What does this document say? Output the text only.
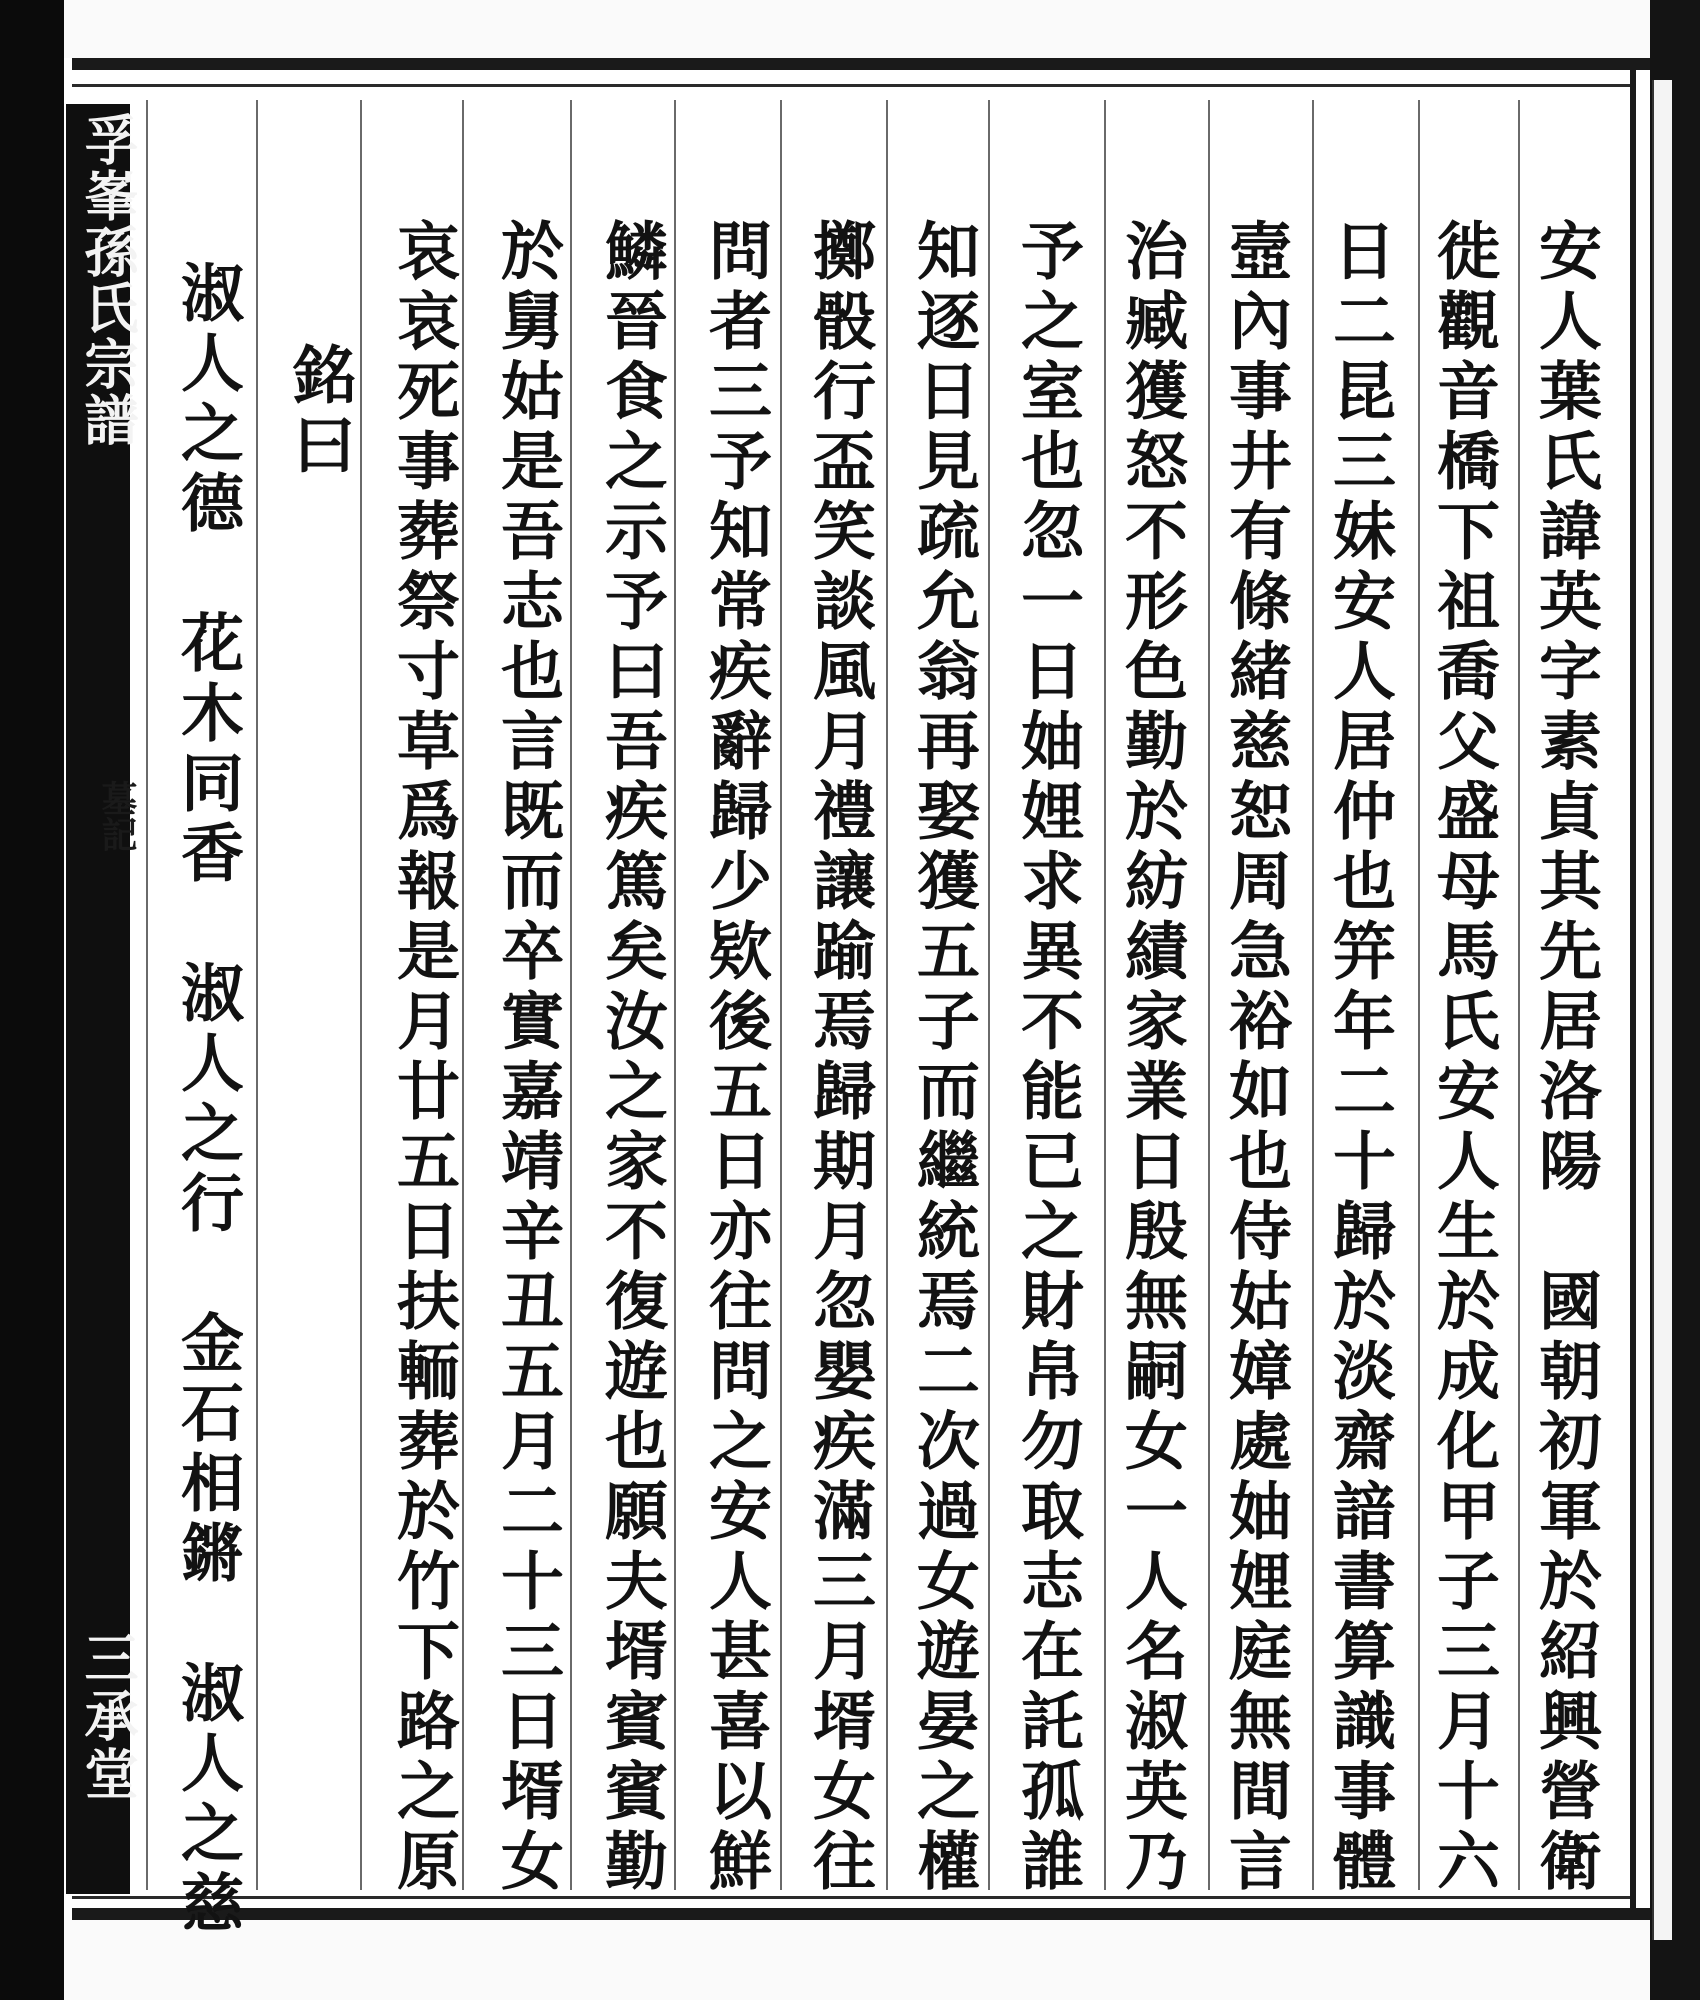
孚峯孫氏宗譜
墓記
三承堂	安人葉氏諱英字素貞其先居洛陽　國朝初軍於紹興營衛
徙觀音橋下祖喬父盛母馬氏安人生於成化甲子三月十六
日二昆三妹安人居仲也笄年二十歸於淡齋諳書算識事體
壼內事井有條緒慈恕周急裕如也侍姑嫜處妯娌庭無間言
治臧獲怒不形色勤於紡績家業日殷無嗣女一人名淑英乃
予之室也忽一日妯娌求異不能已之財帛勿取志在託孤誰
知逐日見疏允翁再娶獲五子而繼統焉二次過女遊晏之權
擲骰行盃笑談風月禮讓踰焉歸期月忽嬰疾滿三月壻女往
問者三予知常疾辭歸少欵後五日亦往問之安人甚喜以鮮
鱗晉食之示予曰吾疾篤矣汝之家不復遊也願夫壻賓賓勤
於舅姑是吾志也言既而卒實嘉靖辛丑五月二十三日壻女
哀哀死事葬祭寸草爲報是月廿五日扶輀葬於竹下路之原
銘曰
淑人之德　花木同香　淑人之行　金石相鏘　淑人之慈
